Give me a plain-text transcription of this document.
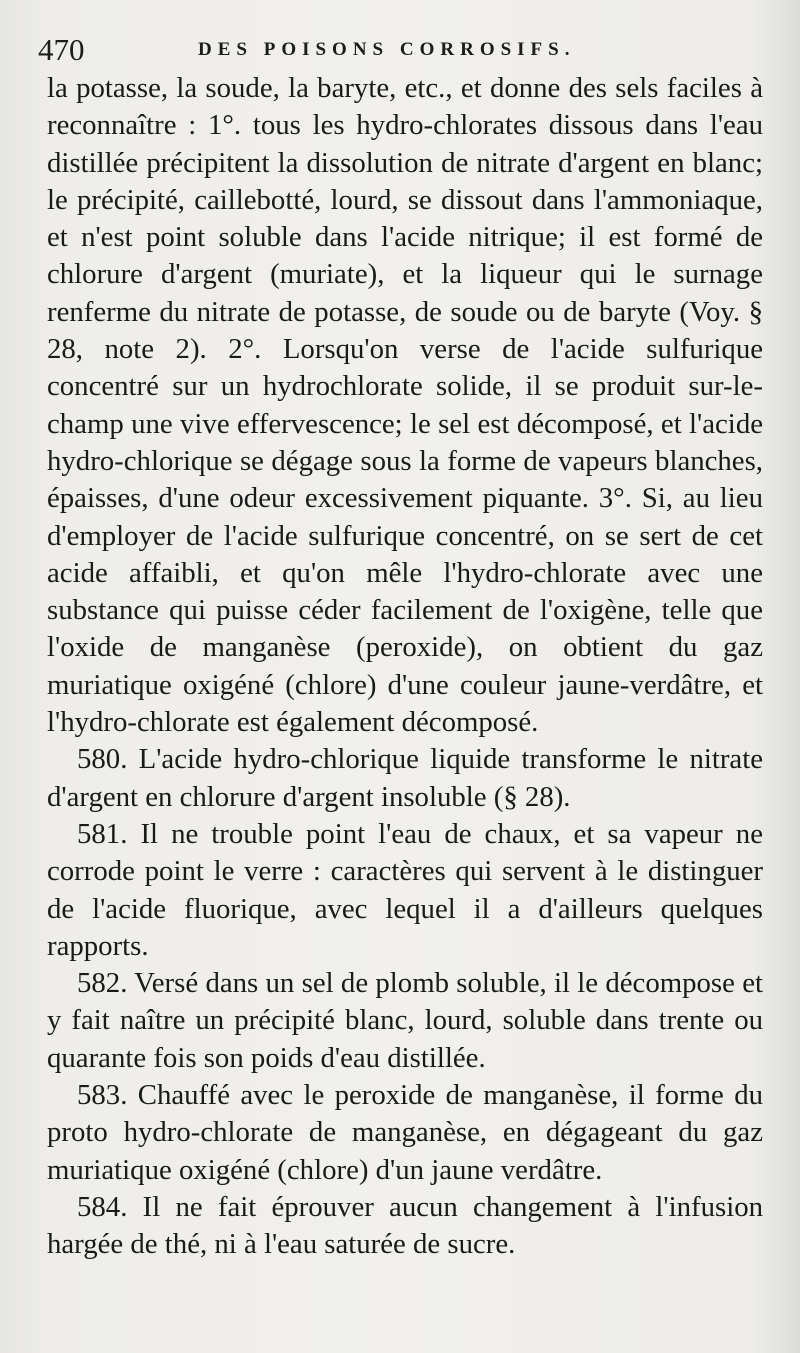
470	DES POISONS CORROSIFS.

la potasse, la soude, la baryte, etc., et donne des sels faciles à reconnaître : 1°. tous les hydro-chlorates dissous dans l'eau distillée précipitent la dissolution de nitrate d'argent en blanc; le précipité, caillebotté, lourd, se dissout dans l'ammoniaque, et n'est point soluble dans l'acide nitrique; il est formé de chlorure d'argent (muriate), et la liqueur qui le surnage renferme du nitrate de potasse, de soude ou de baryte (Voy. § 28, note 2). 2°. Lorsqu'on verse de l'acide sulfurique concentré sur un hydrochlorate solide, il se produit sur-le-champ une vive effervescence; le sel est décomposé, et l'acide hydro-chlorique se dégage sous la forme de vapeurs blanches, épaisses, d'une odeur excessivement piquante. 3°. Si, au lieu d'employer de l'acide sulfurique concentré, on se sert de cet acide affaibli, et qu'on mêle l'hydro-chlorate avec une substance qui puisse céder facilement de l'oxigène, telle que l'oxide de manganèse (peroxide), on obtient du gaz muriatique oxigéné (chlore) d'une couleur jaune-verdâtre, et l'hydro-chlorate est également décomposé.

580. L'acide hydro-chlorique liquide transforme le nitrate d'argent en chlorure d'argent insoluble (§ 28).

581. Il ne trouble point l'eau de chaux, et sa vapeur ne corrode point le verre : caractères qui servent à le distinguer de l'acide fluorique, avec lequel il a d'ailleurs quelques rapports.

582. Versé dans un sel de plomb soluble, il le décompose et y fait naître un précipité blanc, lourd, soluble dans trente ou quarante fois son poids d'eau distillée.

583. Chauffé avec le peroxide de manganèse, il forme du proto hydro-chlorate de manganèse, en dégageant du gaz muriatique oxigéné (chlore) d'un jaune verdâtre.

584. Il ne fait éprouver aucun changement à l'infusion hargée de thé, ni à l'eau saturée de sucre.
